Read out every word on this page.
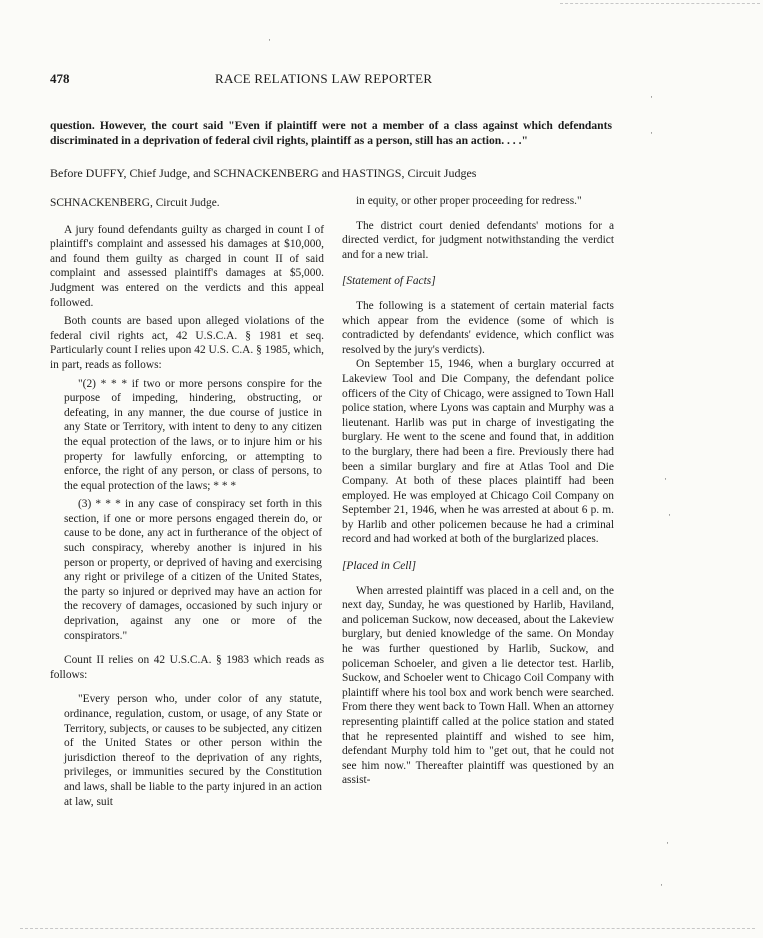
478	RACE RELATIONS LAW REPORTER

question. However, the court said "Even if plaintiff were not a member of a class against which defendants discriminated in a deprivation of federal civil rights, plaintiff as a person, still has an action. . . ."

Before DUFFY, Chief Judge, and SCHNACKENBERG and HASTINGS, Circuit Judges

SCHNACKENBERG, Circuit Judge.

A jury found defendants guilty as charged in count I of plaintiff's complaint and assessed his damages at $10,000, and found them guilty as charged in count II of said complaint and assessed plaintiff's damages at $5,000. Judgment was entered on the verdicts and this appeal followed.

Both counts are based upon alleged violations of the federal civil rights act, 42 U.S.C.A. § 1981 et seq. Particularly count I relies upon 42 U.S. C.A. § 1985, which, in part, reads as follows:

"(2) * * * if two or more persons conspire for the purpose of impeding, hindering, obstructing, or defeating, in any manner, the due course of justice in any State or Territory, with intent to deny to any citizen the equal protection of the laws, or to injure him or his property for lawfully enforcing, or attempting to enforce, the right of any person, or class of persons, to the equal protection of the laws; * * *

(3) * * * in any case of conspiracy set forth in this section, if one or more persons engaged therein do, or cause to be done, any act in furtherance of the object of such conspiracy, whereby another is injured in his person or property, or deprived of having and exercising any right or privilege of a citizen of the United States, the party so injured or deprived may have an action for the recovery of damages, occasioned by such injury or deprivation, against any one or more of the conspirators."

Count II relies on 42 U.S.C.A. § 1983 which reads as follows:

"Every person who, under color of any statute, ordinance, regulation, custom, or usage, of any State or Territory, subjects, or causes to be subjected, any citizen of the United States or other person within the jurisdiction thereof to the deprivation of any rights, privileges, or immunities secured by the Constitution and laws, shall be liable to the party injured in an action at law, suit

in equity, or other proper proceeding for redress."

The district court denied defendants' motions for a directed verdict, for judgment notwithstanding the verdict and for a new trial.

[Statement of Facts]

The following is a statement of certain material facts which appear from the evidence (some of which is contradicted by defendants' evidence, which conflict was resolved by the jury's verdicts).

On September 15, 1946, when a burglary occurred at Lakeview Tool and Die Company, the defendant police officers of the City of Chicago, were assigned to Town Hall police station, where Lyons was captain and Murphy was a lieutenant. Harlib was put in charge of investigating the burglary. He went to the scene and found that, in addition to the burglary, there had been a fire. Previously there had been a similar burglary and fire at Atlas Tool and Die Company. At both of these places plaintiff had been employed. He was employed at Chicago Coil Company on September 21, 1946, when he was arrested at about 6 p. m. by Harlib and other policemen because he had a criminal record and had worked at both of the burglarized places.

[Placed in Cell]

When arrested plaintiff was placed in a cell and, on the next day, Sunday, he was questioned by Harlib, Haviland, and policeman Suckow, now deceased, about the Lakeview burglary, but denied knowledge of the same. On Monday he was further questioned by Harlib, Suckow, and policeman Schoeler, and given a lie detector test. Harlib, Suckow, and Schoeler went to Chicago Coil Company with plaintiff where his tool box and work bench were searched. From there they went back to Town Hall. When an attorney representing plaintiff called at the police station and stated that he represented plaintiff and wished to see him, defendant Murphy told him to "get out, that he could not see him now." Thereafter plaintiff was questioned by an assist-

·
·
·
·
·
·
·
